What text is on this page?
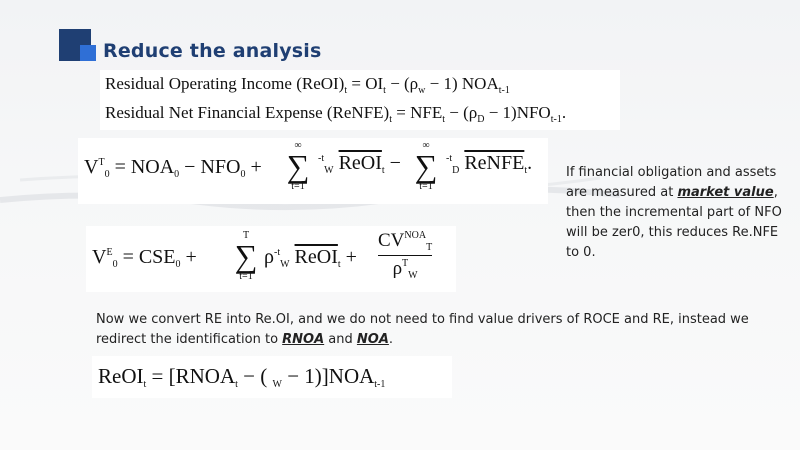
Reduce the analysis
Residual Operating Income $(ReOI)_t = OI_t - (\rho_w - 1)$ $NOA_{t-1}$
Residual Net Financial Expense $(ReNFE)_t = NFE_t - (\rho_D - 1)NFO_{t-1}$.
$V^T_0 = NOA_0 - NFO_0$ +
∞
∑
t=1
$^{-t}_W$ ReOI$_t$ −
∞
∑
t=1
$^{-t}_D$ ReNFE$_t$.
$V^E_0 = CSE_0$ +
T
∑
t=1
$\rho^{-t}_W$ ReOI$_t$ +
$CV^{NOA}_T$
$\rho^T_W$
If financial obligation and assets are measured at market value, then the incremental part of NFO will be zer0, this reduces Re.NFE to 0.
Now we convert RE into Re.OI, and we do not need to find value drivers of ROCE and RE, instead we redirect the identification to RNOA and NOA.
ReOI$_t$ = [$RNOA_t$ − ( $_W - 1)]NOA_{t-1}$
